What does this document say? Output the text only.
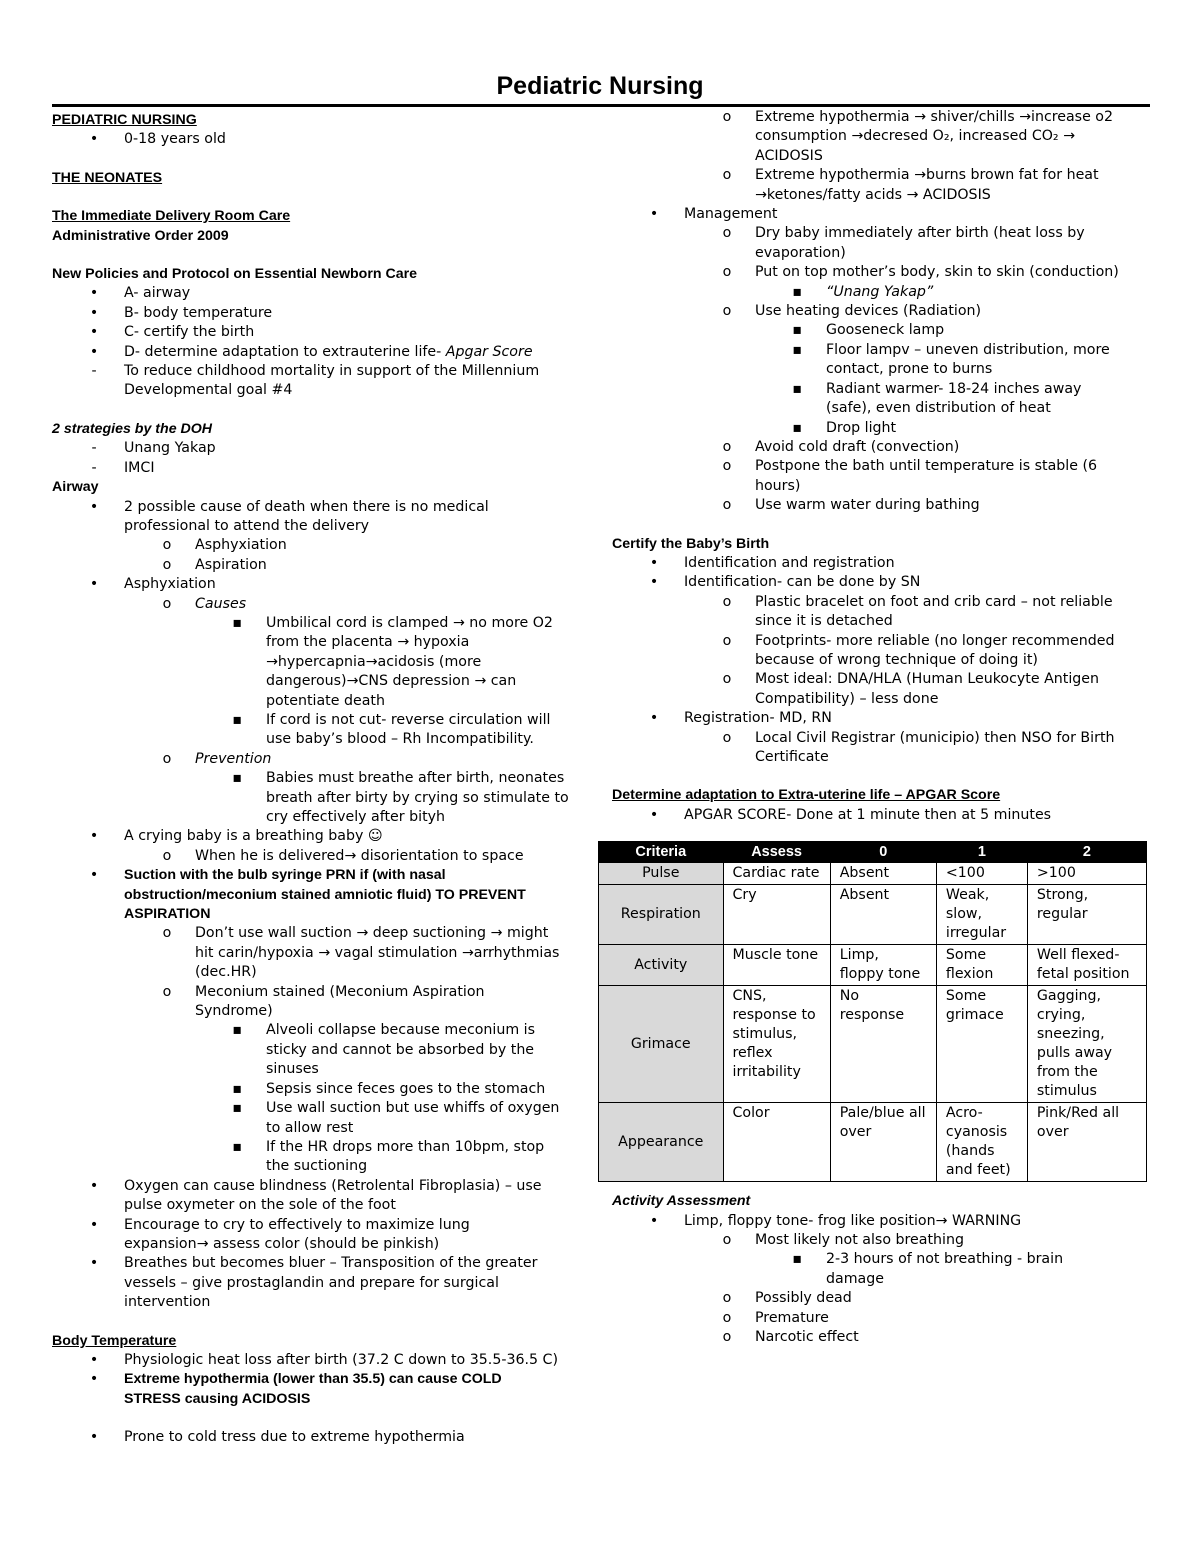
Pediatric Nursing
PEDIATRIC NURSING
•	0-18 years old
THE NEONATES
The Immediate Delivery Room Care
Administrative Order 2009
New Policies and Protocol on Essential Newborn Care
•	A- airway
•	B- body temperature
•	C- certify the birth
•	D- determine adaptation to extrauterine life- Apgar Score
-	To reduce childhood mortality in support of the Millennium
Developmental goal #4
2 strategies by the DOH
-	Unang Yakap
-	IMCI
Airway
•	2 possible cause of death when there is no medical
professional to attend the delivery
o	Asphyxiation
o	Aspiration
•	Asphyxiation
o	Causes
▪	Umbilical cord is clamped → no more O2
from the placenta → hypoxia
→hypercapnia→acidosis (more
dangerous)→CNS depression → can
potentiate death
▪	If cord is not cut- reverse circulation will
use baby’s blood – Rh Incompatibility.
o	Prevention
▪	Babies must breathe after birth, neonates
breath after birty by crying so stimulate to
cry effectively after bityh
•	A crying baby is a breathing baby ☺
o	When he is delivered→ disorientation to space
•	Suction with the bulb syringe PRN if (with nasal
obstruction/meconium stained amniotic fluid) TO PREVENT
ASPIRATION
o	Don’t use wall suction → deep suctioning → might
hit carin/hypoxia → vagal stimulation →arrhythmias
(dec.HR)
o	Meconium stained (Meconium Aspiration
Syndrome)
▪	Alveoli collapse because meconium is
sticky and cannot be absorbed by the
sinuses
▪	Sepsis since feces goes to the stomach
▪	Use wall suction but use whiffs of oxygen
to allow rest
▪	If the HR drops more than 10bpm, stop
the suctioning
•	Oxygen can cause blindness (Retrolental Fibroplasia) – use
pulse oxymeter on the sole of the foot
•	Encourage to cry to effectively to maximize lung
expansion→ assess color (should be pinkish)
•	Breathes but becomes bluer – Transposition of the greater
vessels – give prostaglandin and prepare for surgical
intervention
Body Temperature
•	Physiologic heat loss after birth (37.2 C down to 35.5-36.5 C)
•	Extreme hypothermia (lower than 35.5) can cause COLD
STRESS causing ACIDOSIS
•	Prone to cold tress due to extreme hypothermia
o	Extreme hypothermia → shiver/chills →increase o2
consumption →decresed O₂, increased CO₂ →
ACIDOSIS
o	Extreme hypothermia →burns brown fat for heat
→ketones/fatty acids → ACIDOSIS
•	Management
o	Dry baby immediately after birth (heat loss by
evaporation)
o	Put on top mother’s body, skin to skin (conduction)
▪	“Unang Yakap”
o	Use heating devices (Radiation)
▪	Gooseneck lamp
▪	Floor lampv – uneven distribution, more
contact, prone to burns
▪	Radiant warmer- 18-24 inches away
(safe), even distribution of heat
▪	Drop light
o	Avoid cold draft (convection)
o	Postpone the bath until temperature is stable (6
hours)
o	Use warm water during bathing
Certify the Baby’s Birth
•	Identification and registration
•	Identification- can be done by SN
o	Plastic bracelet on foot and crib card – not reliable
since it is detached
o	Footprints- more reliable (no longer recommended
because of wrong technique of doing it)
o	Most ideal: DNA/HLA (Human Leukocyte Antigen
Compatibility) – less done
•	Registration- MD, RN
o	Local Civil Registrar (municipio) then NSO for Birth
Certificate
Determine adaptation to Extra-uterine life – APGAR Score
•	APGAR SCORE- Done at 1 minute then at 5 minutes
Criteria	Assess	0	1	2
Pulse	Cardiac rate	Absent	<100	>100
Respiration	Cry	Absent	Weak, slow, irregular	Strong, regular
Activity	Muscle tone	Limp, floppy tone	Some flexion	Well flexed- fetal position
Grimace	CNS, response to stimulus, reflex irritability	No response	Some grimace	Gagging, crying, sneezing, pulls away from the stimulus
Appearance	Color	Pale/blue all over	Acro-cyanosis (hands and feet)	Pink/Red all over
Activity Assessment
•	Limp, floppy tone- frog like position→ WARNING
o	Most likely not also breathing
▪	2-3 hours of not breathing - brain
damage
o	Possibly dead
o	Premature
o	Narcotic effect
